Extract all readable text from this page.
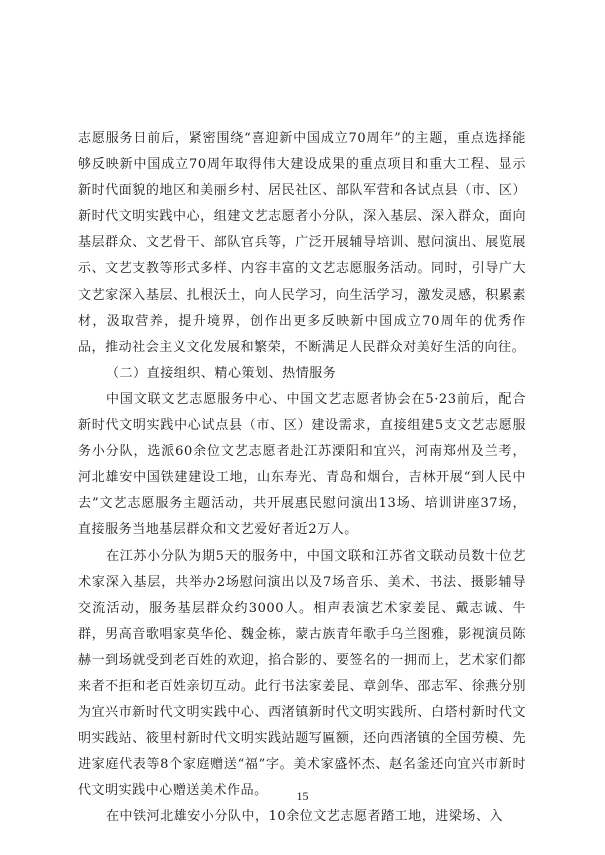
志愿服务日前后，紧密围绕“喜迎新中国成立70周年”的主题，重点选择能够反映新中国成立70周年取得伟大建设成果的重点项目和重大工程、显示新时代面貌的地区和美丽乡村、居民社区、部队军营和各试点县（市、区）新时代文明实践中心，组建文艺志愿者小分队，深入基层、深入群众，面向基层群众、文艺骨干、部队官兵等，广泛开展辅导培训、慰问演出、展览展示、文艺支教等形式多样、内容丰富的文艺志愿服务活动。同时，引导广大文艺家深入基层、扎根沃土，向人民学习，向生活学习，激发灵感，积累素材，汲取营养，提升境界，创作出更多反映新中国成立70周年的优秀作品，推动社会主义文化发展和繁荣，不断满足人民群众对美好生活的向往。

（二）直接组织、精心策划、热情服务

中国文联文艺志愿服务中心、中国文艺志愿者协会在5·23前后，配合新时代文明实践中心试点县（市、区）建设需求，直接组建5支文艺志愿服务小分队，选派60余位文艺志愿者赴江苏溧阳和宜兴，河南郑州及兰考，河北雄安中国铁建建设工地，山东寿光、青岛和烟台，吉林开展“到人民中去”文艺志愿服务主题活动，共开展惠民慰问演出13场、培训讲座37场，直接服务当地基层群众和文艺爱好者近2万人。

在江苏小分队为期5天的服务中，中国文联和江苏省文联动员数十位艺术家深入基层，共举办2场慰问演出以及7场音乐、美术、书法、摄影辅导交流活动，服务基层群众约3000人。相声表演艺术家姜昆、戴志诚、牛群，男高音歌唱家莫华伦、魏金栋，蒙古族青年歌手乌兰图雅，影视演员陈赫一到场就受到老百姓的欢迎，掐合影的、要签名的一拥而上，艺术家们都来者不拒和老百姓亲切互动。此行书法家姜昆、章剑华、邵志军、徐燕分别为宜兴市新时代文明实践中心、西渚镇新时代文明实践所、白塔村新时代文明实践站、筱里村新时代文明实践站题写匾额，还向西渚镇的全国劳模、先进家庭代表等8个家庭赠送“福”字。美术家盛怀杰、赵名釜还向宜兴市新时代文明实践中心赠送美术作品。

在中铁河北雄安小分队中，10余位文艺志愿者踏工地，进梁场、入

15
